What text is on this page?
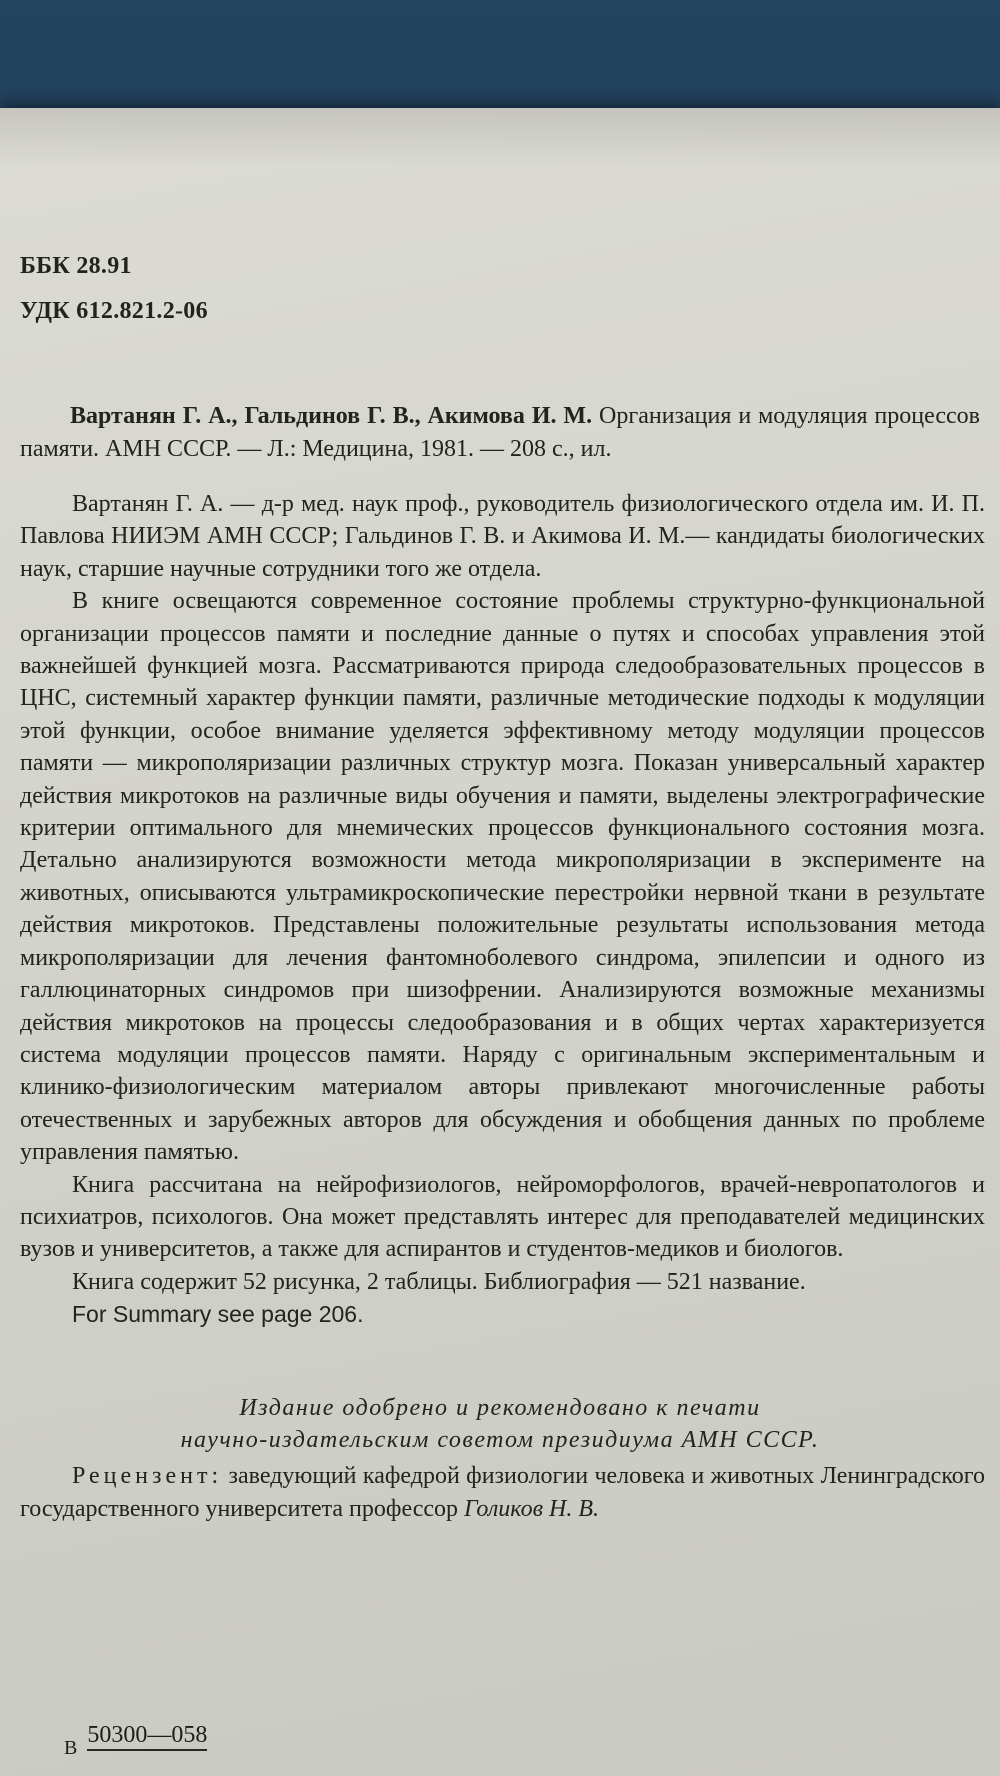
ББК 28.91
УДК 612.821.2-06
Вартанян Г. А., Гальдинов Г. В., Акимова И. М. Организация и модуляция процессов памяти. АМН СССР. — Л.: Медицина, 1981. — 208 с., ил.

Вартанян Г. А. — д-р мед. наук проф., руководитель физиологического отдела им. И. П. Павлова НИИЭМ АМН СССР; Гальдинов Г. В. и Акимова И. М.— кандидаты биологических наук, старшие научные сотрудники того же отдела.

В книге освещаются современное состояние проблемы структурно-функциональной организации процессов памяти и последние данные о путях и способах управления этой важнейшей функцией мозга. Рассматриваются природа следообразовательных процессов в ЦНС, системный характер функции памяти, различные методические подходы к модуляции этой функции, особое внимание уделяется эффективному методу модуляции процессов памяти — микрополяризации различных структур мозга. Показан универсальный характер действия микротоков на различные виды обучения и памяти, выделены электрографические критерии оптимального для мнемических процессов функционального состояния мозга. Детально анализируются возможности метода микрополяризации в эксперименте на животных, описываются ультрамикроскопические перестройки нервной ткани в результате действия микротоков. Представлены положительные результаты использования метода микрополяризации для лечения фантомноболевого синдрома, эпилепсии и одного из галлюцинаторных синдромов при шизофрении. Анализируются возможные механизмы действия микротоков на процессы следообразования и в общих чертах характеризуется система модуляции процессов памяти. Наряду с оригинальным экспериментальным и клинико-физиологическим материалом авторы привлекают многочисленные работы отечественных и зарубежных авторов для обсуждения и обобщения данных по проблеме управления памятью.

Книга рассчитана на нейрофизиологов, нейроморфологов, врачей-невропатологов и психиатров, психологов. Она может представлять интерес для преподавателей медицинских вузов и университетов, а также для аспирантов и студентов-медиков и биологов.

Книга содержит 52 рисунка, 2 таблицы. Библиография — 521 название.

For Summary see page 206.

Издание одобрено и рекомендовано к печати
научно-издательским советом президиума АМН СССР.
Рецензент: заведующий кафедрой физиологии человека и животных Ленинградского государственного университета профессор Голиков Н. В.
$_В$ 50300—058
